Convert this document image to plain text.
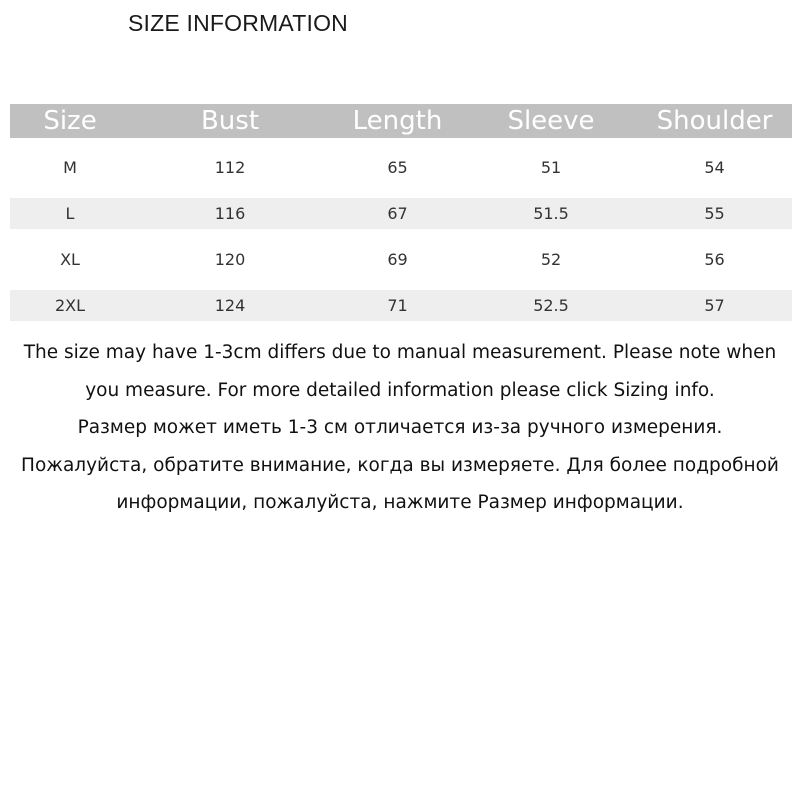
SIZE INFORMATION
Size	Bust	Length	Sleeve	Shoulder
M	112	65	51	54
L	116	67	51.5	55
XL	120	69	52	56
2XL	124	71	52.5	57
The size may have 1-3cm differs due to manual measurement. Please note when
you measure. For more detailed information please click Sizing info.
Размер может иметь 1-3 см отличается из-за ручного измерения.
Пожалуйста, обратите внимание, когда вы измеряете. Для более подробной
информации, пожалуйста, нажмите Размер информации.
